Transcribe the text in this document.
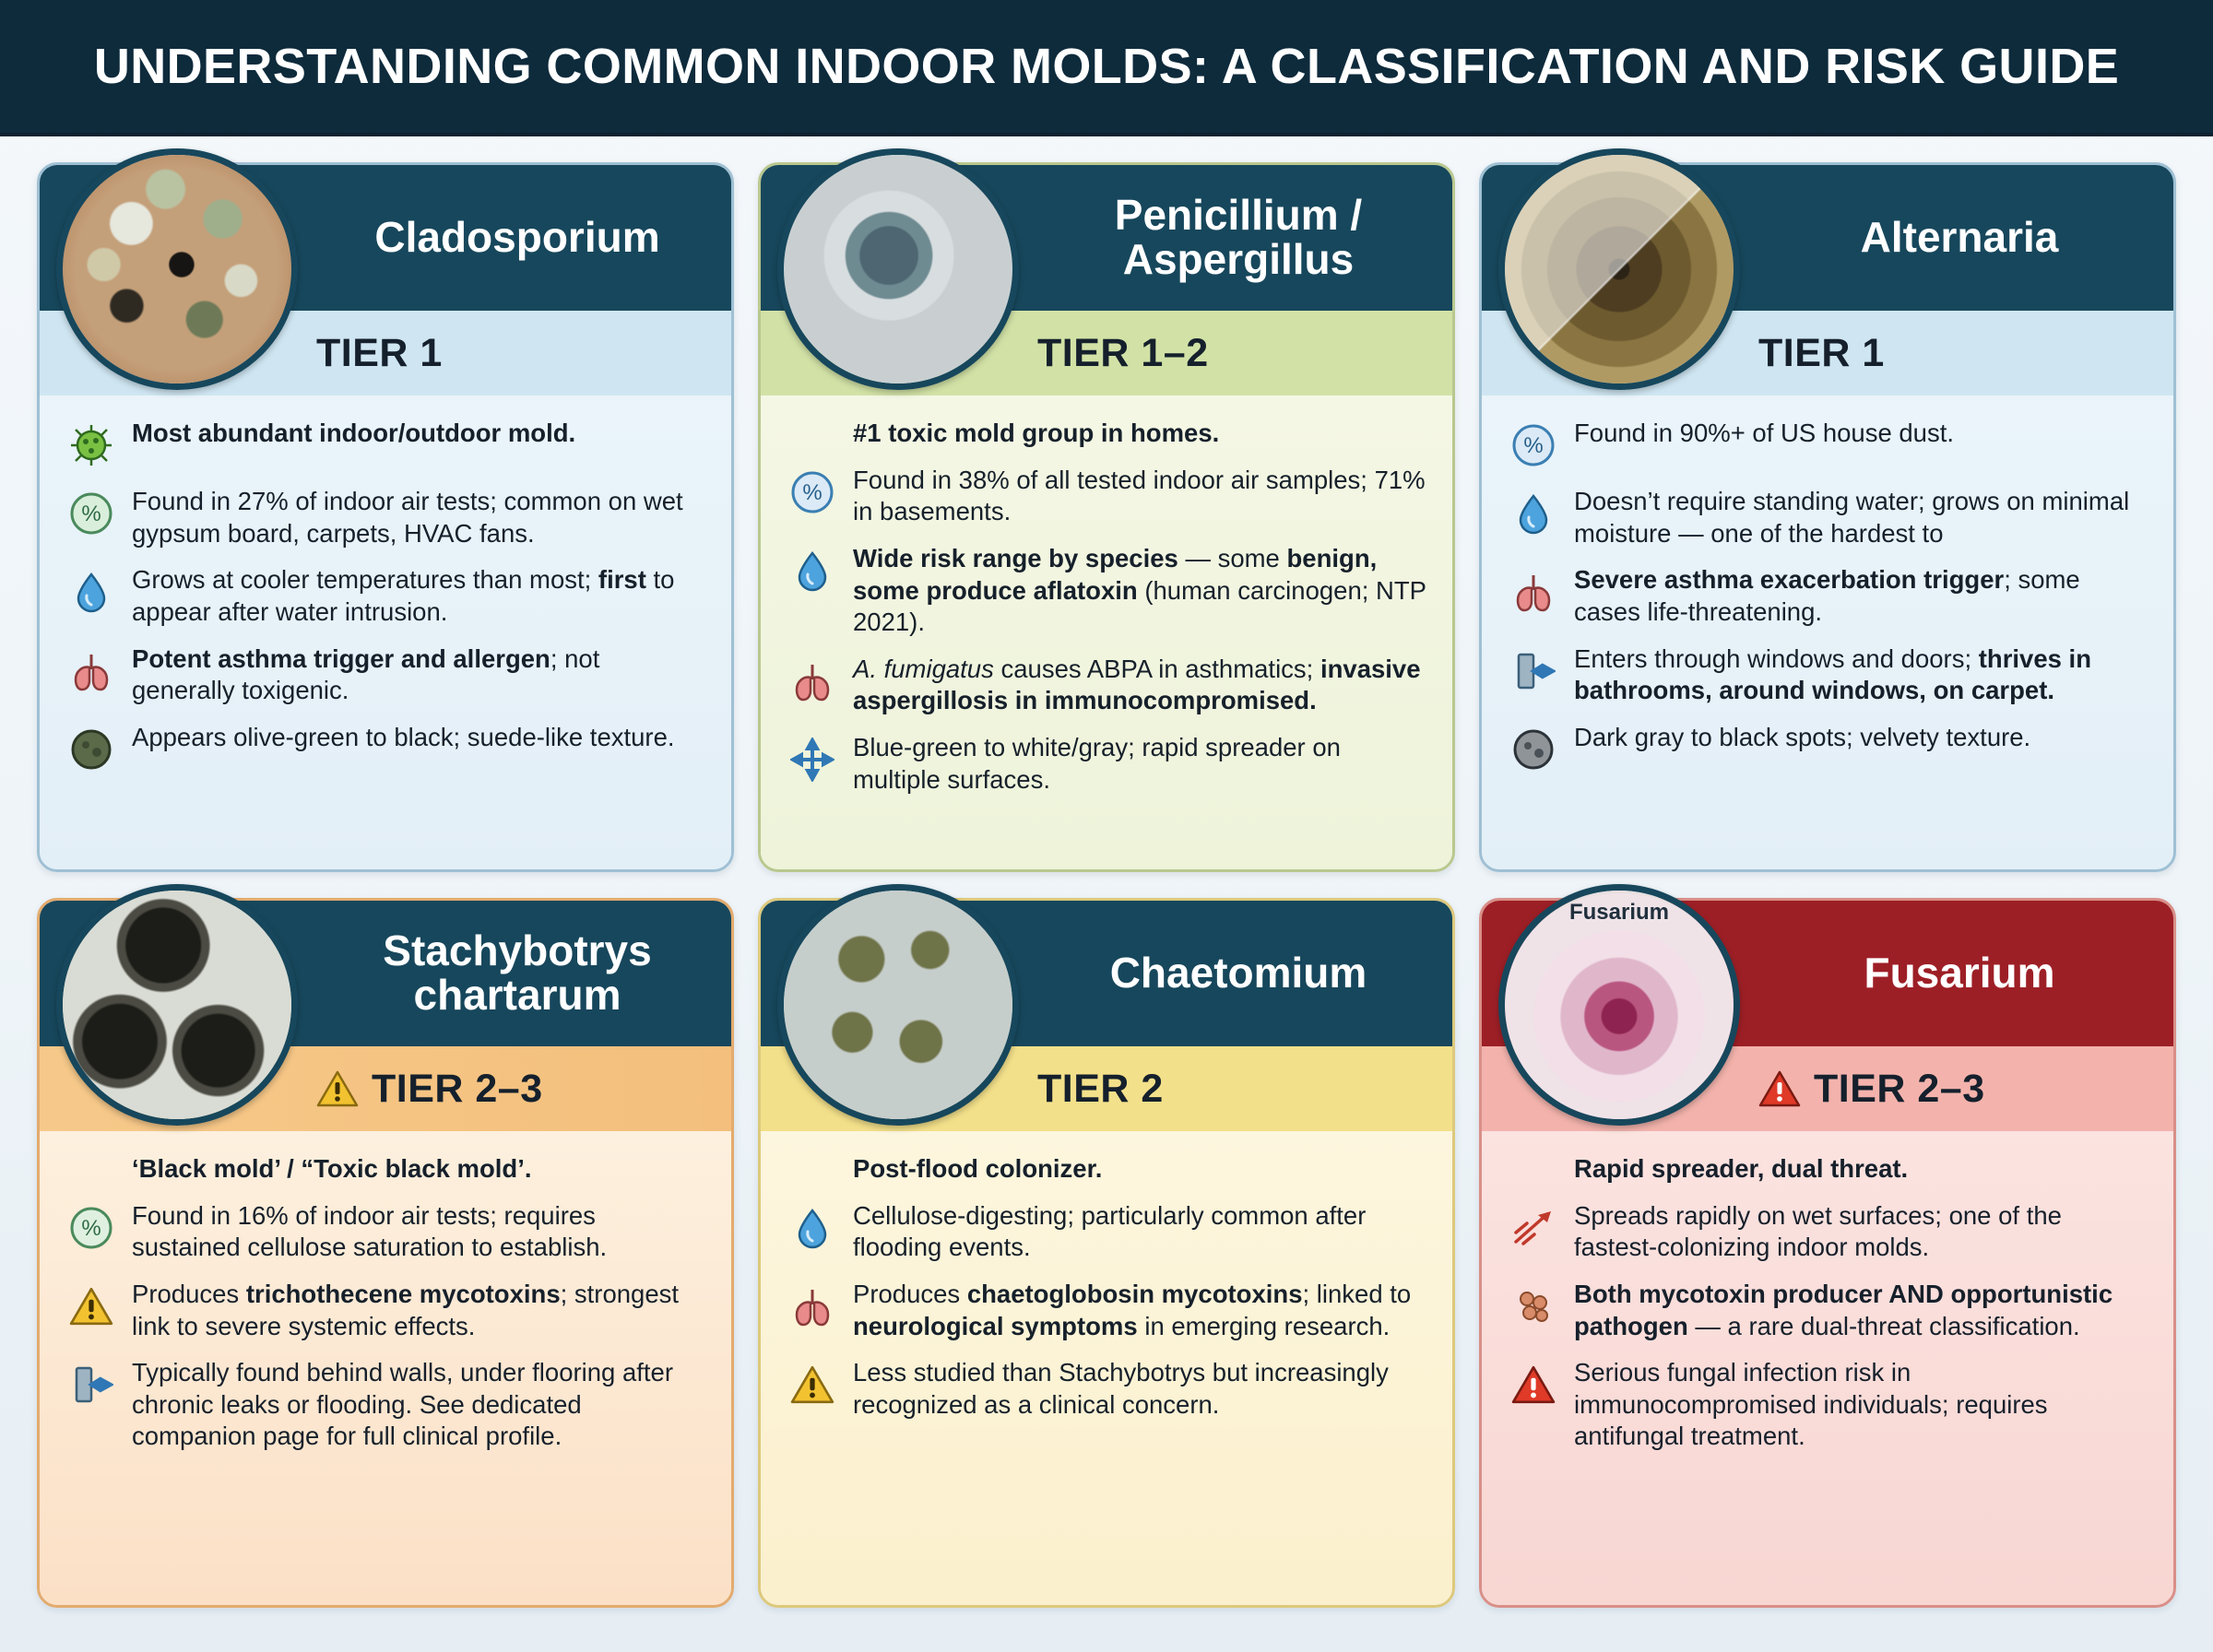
UNDERSTANDING COMMON INDOOR MOLDS: A CLASSIFICATION AND RISK GUIDE
Cladosporium
TIER 1
Most abundant indoor/outdoor mold.
% Found in 27% of indoor air tests; common on wet gypsum board, carpets, HVAC fans.
Grows at cooler temperatures than most; first to appear after water intrusion.
Potent asthma trigger and allergen; not generally toxigenic.
Appears olive-green to black; suede-like texture.
Penicillium / Aspergillus
TIER 1–2
#1 toxic mold group in homes.
% Found in 38% of all tested indoor air samples; 71% in basements.
Wide risk range by species — some benign, some produce aflatoxin (human carcinogen; NTP 2021).
A. fumigatus causes ABPA in asthmatics; invasive aspergillosis in immunocompromised.
Blue-green to white/gray; rapid spreader on multiple surfaces.
Alternaria
TIER 1
% Found in 90%+ of US house dust.
Doesn’t require standing water; grows on minimal moisture — one of the hardest to
Severe asthma exacerbation trigger; some cases life-threatening.
Enters through windows and doors; thrives in bathrooms, around windows, on carpet.
Dark gray to black spots; velvety texture.
Stachybotrys chartarum
TIER 2–3
‘Black mold’ / “Toxic black mold’.
% Found in 16% of indoor air tests; requires sustained cellulose saturation to establish.
Produces trichothecene mycotoxins; strongest link to severe systemic effects.
Typically found behind walls, under flooring after chronic leaks or flooding. See dedicated companion page for full clinical profile.
Chaetomium
TIER 2
Post-flood colonizer.
Cellulose-digesting; particularly common after flooding events.
Produces chaetoglobosin mycotoxins; linked to neurological symptoms in emerging research.
Less studied than Stachybotrys but increasingly recognized as a clinical concern.
Fusarium
Fusarium
TIER 2–3
Rapid spreader, dual threat.
Spreads rapidly on wet surfaces; one of the fastest-colonizing indoor molds.
Both mycotoxin producer AND opportunistic pathogen — a rare dual-threat classification.
Serious fungal infection risk in immunocompromised individuals; requires antifungal treatment.
